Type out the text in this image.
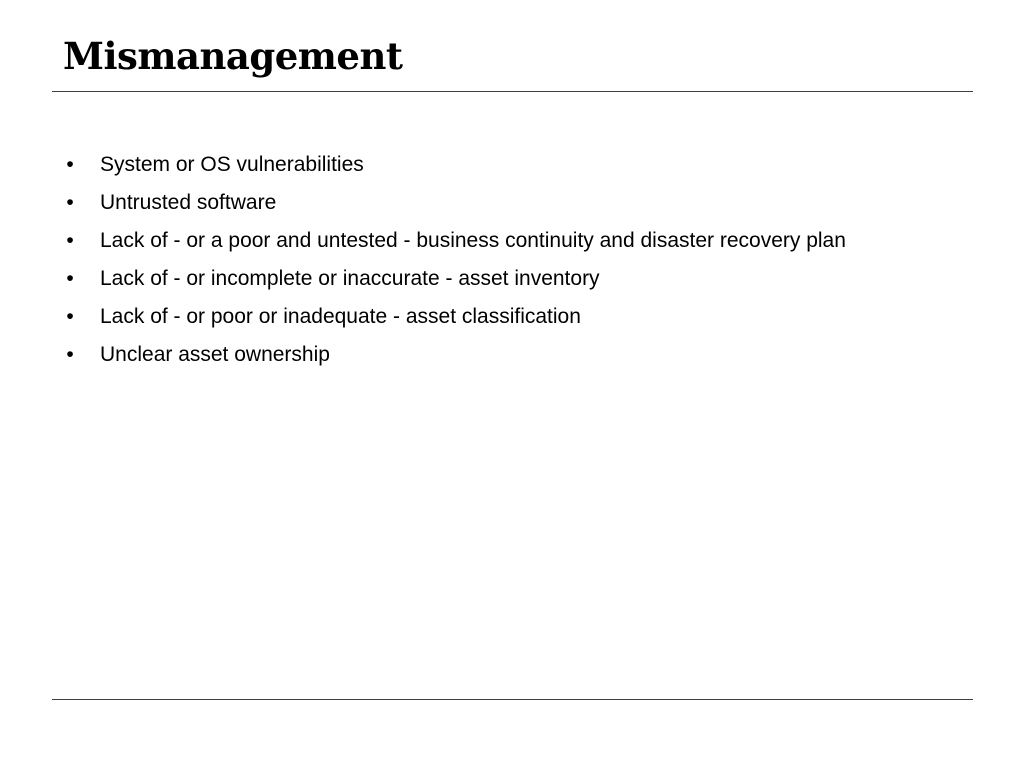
Mismanagement
•	System or OS vulnerabilities
•	Untrusted software
•	Lack of - or a poor and untested - business continuity and disaster recovery plan
•	Lack of - or incomplete or inaccurate - asset inventory
•	Lack of - or poor or inadequate - asset classification
•	Unclear asset ownership
